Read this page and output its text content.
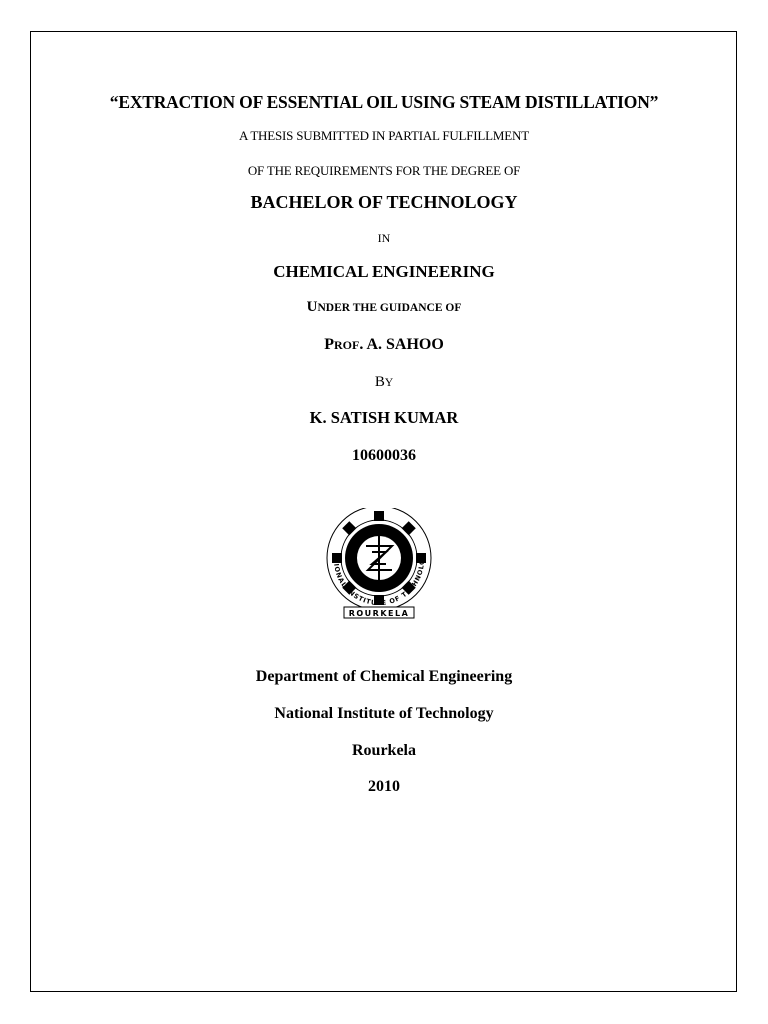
“EXTRACTION OF ESSENTIAL OIL USING STEAM DISTILLATION”
A THESIS SUBMITTED IN PARTIAL FULFILLMENT
OF THE REQUIREMENTS FOR THE DEGREE OF
BACHELOR OF TECHNOLOGY
IN
CHEMICAL ENGINEERING
UNDER THE GUIDANCE OF
PROF. A. SAHOO
BY
K. SATISH KUMAR
10600036
TIONAL INSTITUTE OF TECHNOLO
ROURKELA
Department of Chemical Engineering
National Institute of Technology
Rourkela
2010
